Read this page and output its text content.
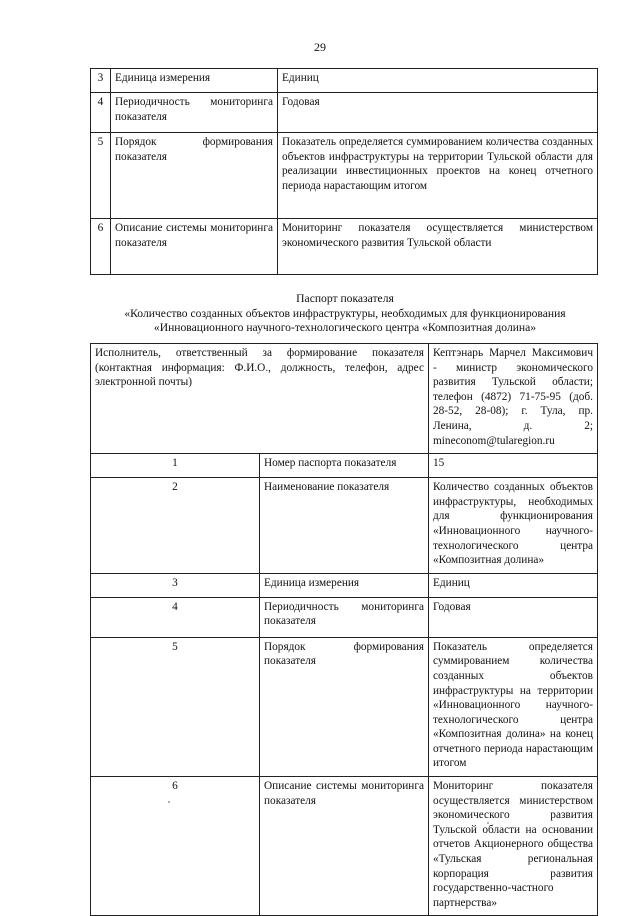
29
3	Единица измерения	Единиц
4	Периодичность мониторинга показателя	Годовая
5	Порядок формирования показателя	Показатель определяется суммированием количества созданных объектов инфраструктуры на территории Тульской области для реализации инвестиционных проектов на конец отчетного периода нарастающим итогом
6	Описание системы мониторинга показателя	Мониторинг показателя осуществляется министерством экономического развития Тульской области
Паспорт показателя
«Количество созданных объектов инфраструктуры, необходимых для функционирования
«Инновационного научного-технологического центра «Композитная долина»
Исполнитель, ответственный за формирование показателя (контактная информация: Ф.И.О., должность, телефон, адрес электронной почты)		Кептэнарь Марчел Максимович - министр экономического развития Тульской области; телефон (4872) 71-75-95 (доб. 28-52, 28-08); г. Тула, пр. Ленина, д. 2; mineconom@tularegion.ru
1	Номер паспорта показателя	15
2	Наименование показателя	Количество созданных объектов инфраструктуры, необходимых для функционирования «Инновационного научного-технологического центра «Композитная долина»
3	Единица измерения	Единиц
4	Периодичность мониторинга показателя	Годовая
5	Порядок формирования показателя	Показатель определяется суммированием количества созданных объектов инфраструктуры на территории «Инновационного научного-технологического центра «Композитная долина» на конец отчетного периода нарастающим итогом
6	Описание системы мониторинга показателя	Мониторинг показателя осуществляется министерством экономического развития Тульской области на основании отчетов Акционерного общества «Тульская региональная корпорация развития государственно-частного партнерства»
